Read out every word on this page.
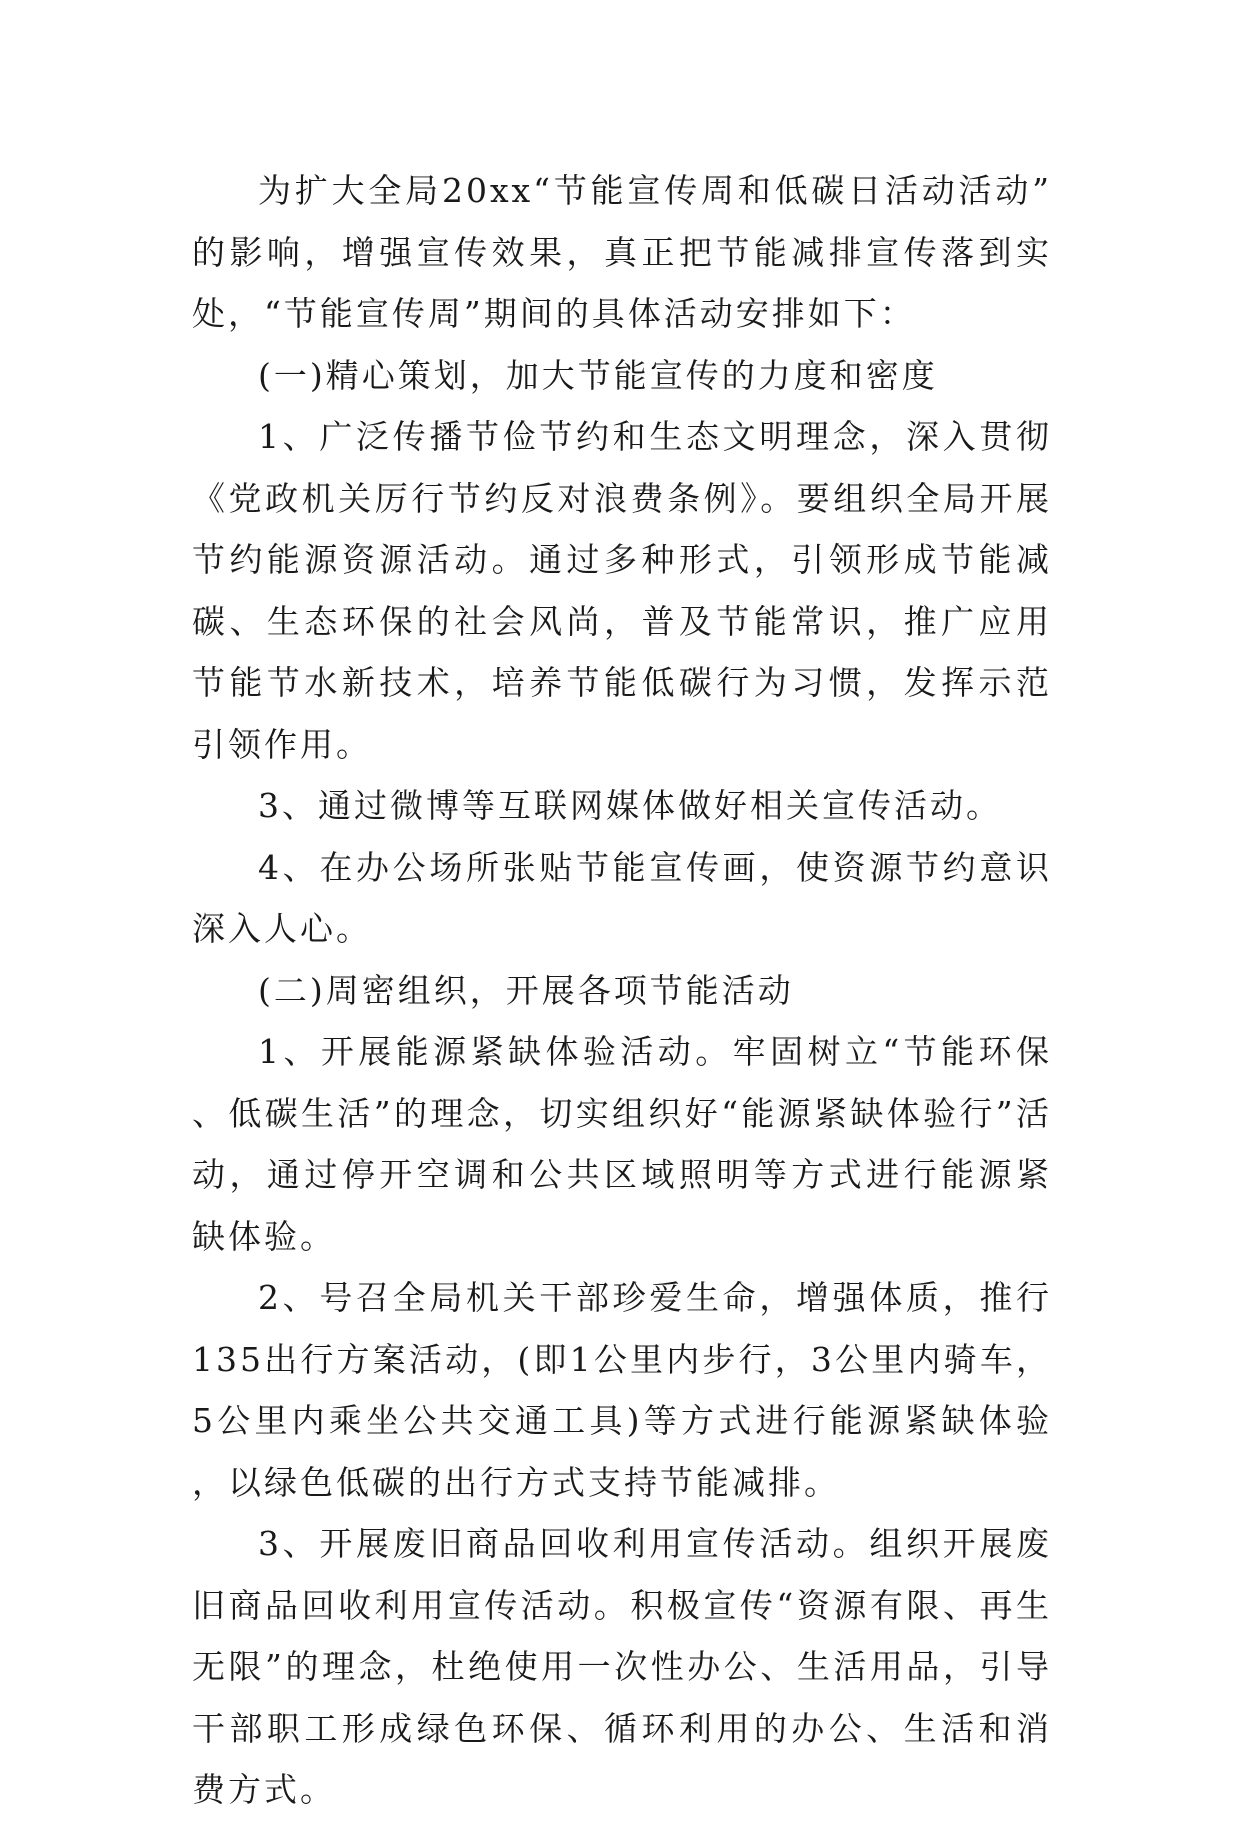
为扩大全局20xx“节能宣传周和低碳日活动活动”的影响，增强宣传效果，真正把节能减排宣传落到实处，“节能宣传周”期间的具体活动安排如下：

(一)精心策划，加大节能宣传的力度和密度

1、广泛传播节俭节约和生态文明理念，深入贯彻《党政机关厉行节约反对浪费条例》。要组织全局开展节约能源资源活动。通过多种形式，引领形成节能减碳、生态环保的社会风尚，普及节能常识，推广应用节能节水新技术，培养节能低碳行为习惯，发挥示范引领作用。

3、通过微博等互联网媒体做好相关宣传活动。

4、在办公场所张贴节能宣传画，使资源节约意识深入人心。

(二)周密组织，开展各项节能活动

1、开展能源紧缺体验活动。牢固树立“节能环保、低碳生活”的理念，切实组织好“能源紧缺体验行”活动，通过停开空调和公共区域照明等方式进行能源紧缺体验。

2、号召全局机关干部珍爱生命，增强体质，推行135出行方案活动，(即1公里内步行，3公里内骑车，5公里内乘坐公共交通工具)等方式进行能源紧缺体验，以绿色低碳的出行方式支持节能减排。

3、开展废旧商品回收利用宣传活动。组织开展废旧商品回收利用宣传活动。积极宣传“资源有限、再生无限”的理念，杜绝使用一次性办公、生活用品，引导干部职工形成绿色环保、循环利用的办公、生活和消费方式。
